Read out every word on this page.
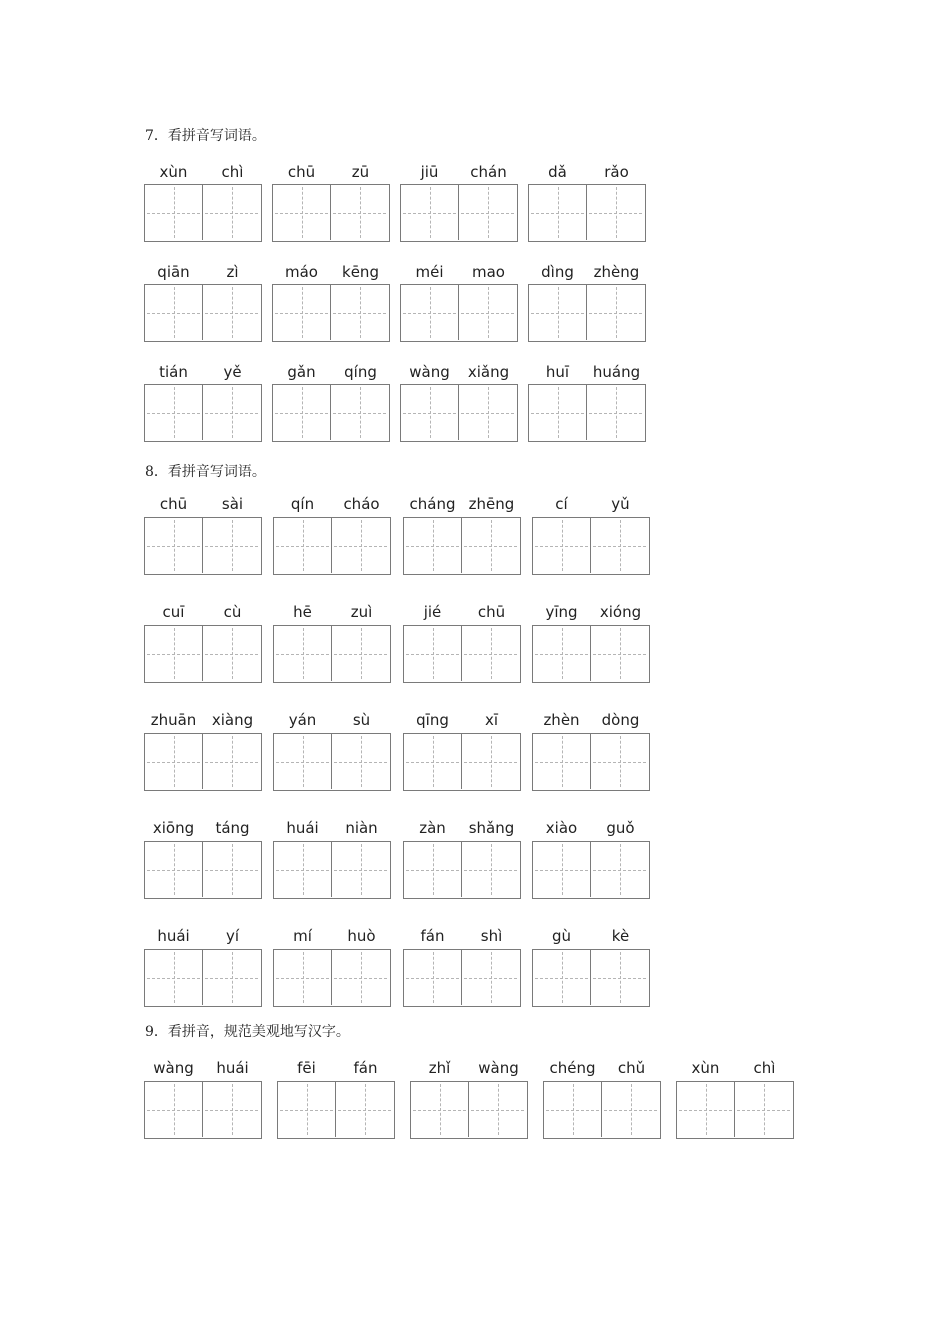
7．看拼音写词语。
8．看拼音写词语。
9．看拼音，规范美观地写汉字。
xùn	chì	chū	zū	jiū	chán	dǎ	rǎo
qiān	zì	máo	kēng	méi	mao	dìng	zhèng
tián	yě	gǎn	qíng	wàng	xiǎng	huī	huáng
chū	sài	qín	cháo	cháng zhēng	cí	yǔ
cuī	cù	hē	zuì	jié	chū	yīng	xióng
zhuān	xiàng	yán	sù	qīng	xī	zhèn	dòng
xiōng	táng	huái	niàn	zàn	shǎng	xiào	guǒ
huái	yí	mí	huò	fán	shì	gù	kè
wàng	huái	fēi	fán	zhǐ	wàng	chéng	chǔ	xùn	chì
